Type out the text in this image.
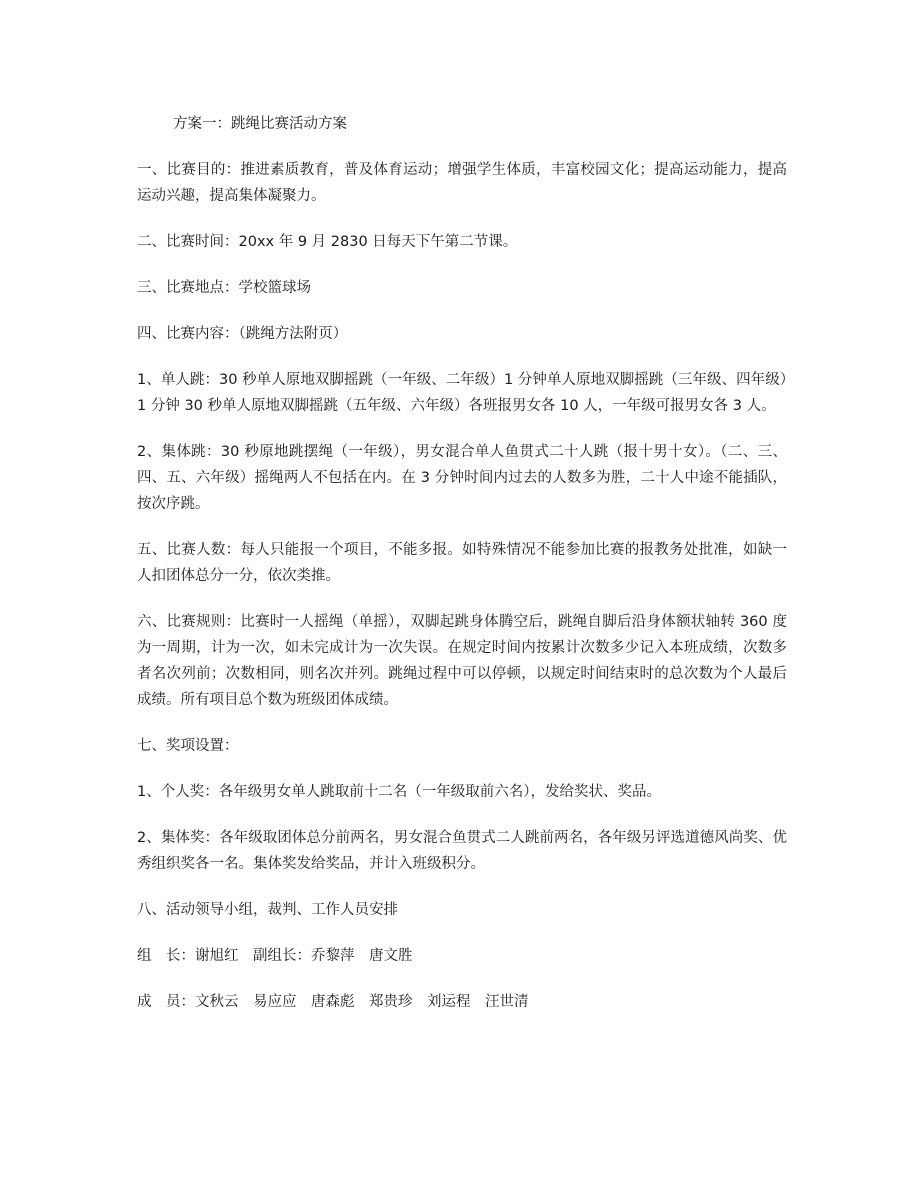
方案一：跳绳比赛活动方案

一、比赛目的：推进素质教育，普及体育运动；增强学生体质，丰富校园文化；提高运动能力，提高运动兴趣，提高集体凝聚力。

二、比赛时间：20xx 年 9 月 2830 日每天下午第二节课。

三、比赛地点：学校篮球场

四、比赛内容：（跳绳方法附页）

1、单人跳：30 秒单人原地双脚摇跳（一年级、二年级）1 分钟单人原地双脚摇跳（三年级、四年级）1 分钟 30 秒单人原地双脚摇跳（五年级、六年级）各班报男女各 10 人，一年级可报男女各 3 人。

2、集体跳：30 秒原地跳摆绳（一年级），男女混合单人鱼贯式二十人跳（报十男十女）。（二、三、四、五、六年级）摇绳两人不包括在内。在 3 分钟时间内过去的人数多为胜，二十人中途不能插队，按次序跳。

五、比赛人数：每人只能报一个项目，不能多报。如特殊情况不能参加比赛的报教务处批准，如缺一人扣团体总分一分，依次类推。

六、比赛规则：比赛时一人摇绳（单摇），双脚起跳身体腾空后，跳绳自脚后沿身体额状轴转 360 度为一周期，计为一次，如未完成计为一次失误。在规定时间内按累计次数多少记入本班成绩，次数多者名次列前；次数相同，则名次并列。跳绳过程中可以停顿，以规定时间结束时的总次数为个人最后成绩。所有项目总个数为班级团体成绩。

七、奖项设置：

1、个人奖：各年级男女单人跳取前十二名（一年级取前六名），发给奖状、奖品。

2、集体奖：各年级取团体总分前两名，男女混合鱼贯式二人跳前两名，各年级另评选道德风尚奖、优秀组织奖各一名。集体奖发给奖品，并计入班级积分。

八、活动领导小组，裁判、工作人员安排

组　长：谢旭红　副组长：乔黎萍　唐文胜

成　员：文秋云　易应应　唐森彪　郑贵珍　刘运程　汪世清
